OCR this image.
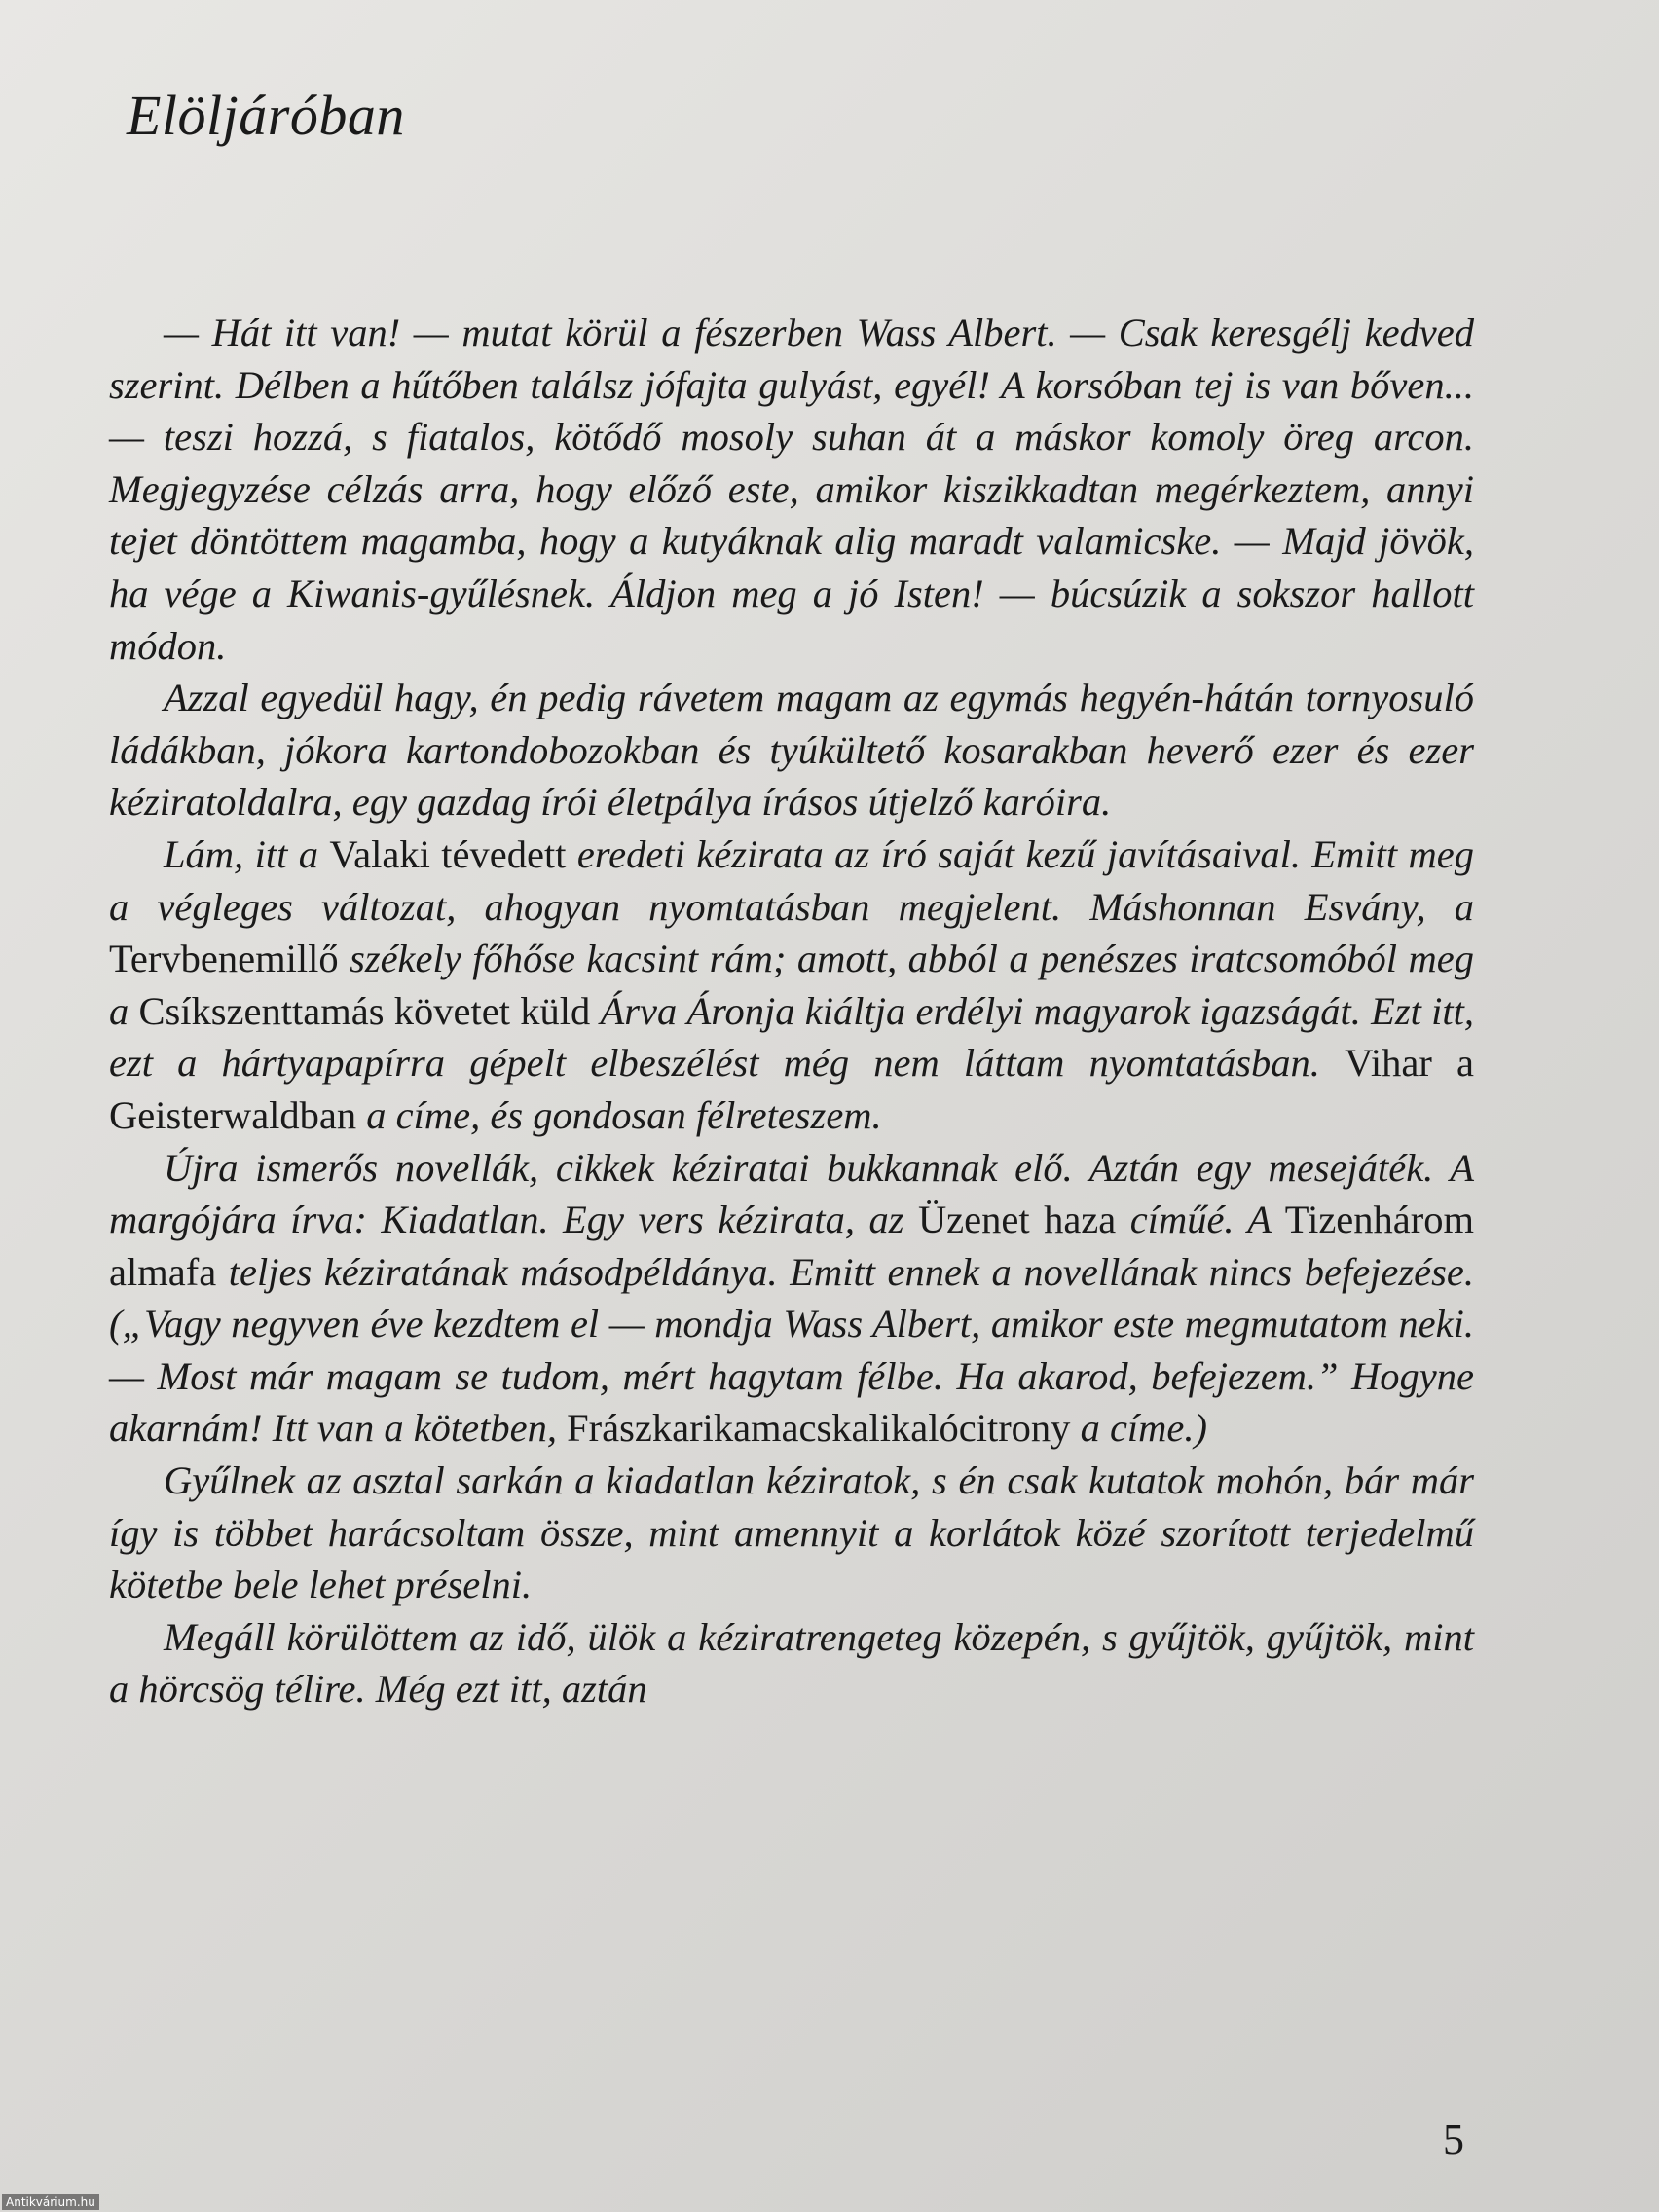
Elöljáróban

— Hát itt van! — mutat körül a fészerben Wass Albert. — Csak keresgélj kedved szerint. Délben a hűtőben találsz jófajta gulyást, egyél! A korsóban tej is van bőven... — teszi hozzá, s fiatalos, kötődő mosoly suhan át a máskor komoly öreg arcon. Megjegyzése célzás arra, hogy előző este, amikor kiszikkadtan megérkeztem, annyi tejet döntöttem magamba, hogy a kutyáknak alig maradt valamicske. — Majd jövök, ha vége a Kiwanis-gyűlésnek. Áldjon meg a jó Isten! — búcsúzik a sokszor hallott módon.

Azzal egyedül hagy, én pedig rávetem magam az egymás hegyén-hátán tornyosuló ládákban, jókora kartondobozokban és tyúkültető kosarakban heverő ezer és ezer kéziratoldalra, egy gazdag írói életpálya írásos útjelző karóira.

Lám, itt a Valaki tévedett eredeti kézirata az író saját kezű javításaival. Emitt meg a végleges változat, ahogyan nyomtatásban megjelent. Máshonnan Esvány, a Tervbenemillő székely főhőse kacsint rám; amott, abból a penészes iratcsomóból meg a Csíkszenttamás követet küld Árva Áronja kiáltja erdélyi magyarok igazságát. Ezt itt, ezt a hártyapapírra gépelt elbeszélést még nem láttam nyomtatásban. Vihar a Geisterwaldban a címe, és gondosan félreteszem.

Újra ismerős novellák, cikkek kéziratai bukkannak elő. Aztán egy mesejáték. A margójára írva: Kiadatlan. Egy vers kézirata, az Üzenet haza címűé. A Tizenhárom almafa teljes kéziratának másodpéldánya. Emitt ennek a novellának nincs befejezése. („Vagy negyven éve kezdtem el — mondja Wass Albert, amikor este megmutatom neki. — Most már magam se tudom, mért hagytam félbe. Ha akarod, befejezem.” Hogyne akarnám! Itt van a kötetben, Frászkarikamacskalikalócitrony a címe.)

Gyűlnek az asztal sarkán a kiadatlan kéziratok, s én csak kutatok mohón, bár már így is többet harácsoltam össze, mint amennyit a korlátok közé szorított terjedelmű kötetbe bele lehet préselni.

Megáll körülöttem az idő, ülök a kéziratrengeteg közepén, s gyűjtök, gyűjtök, mint a hörcsög télire. Még ezt itt, aztán

5
Antikvárium.hu
